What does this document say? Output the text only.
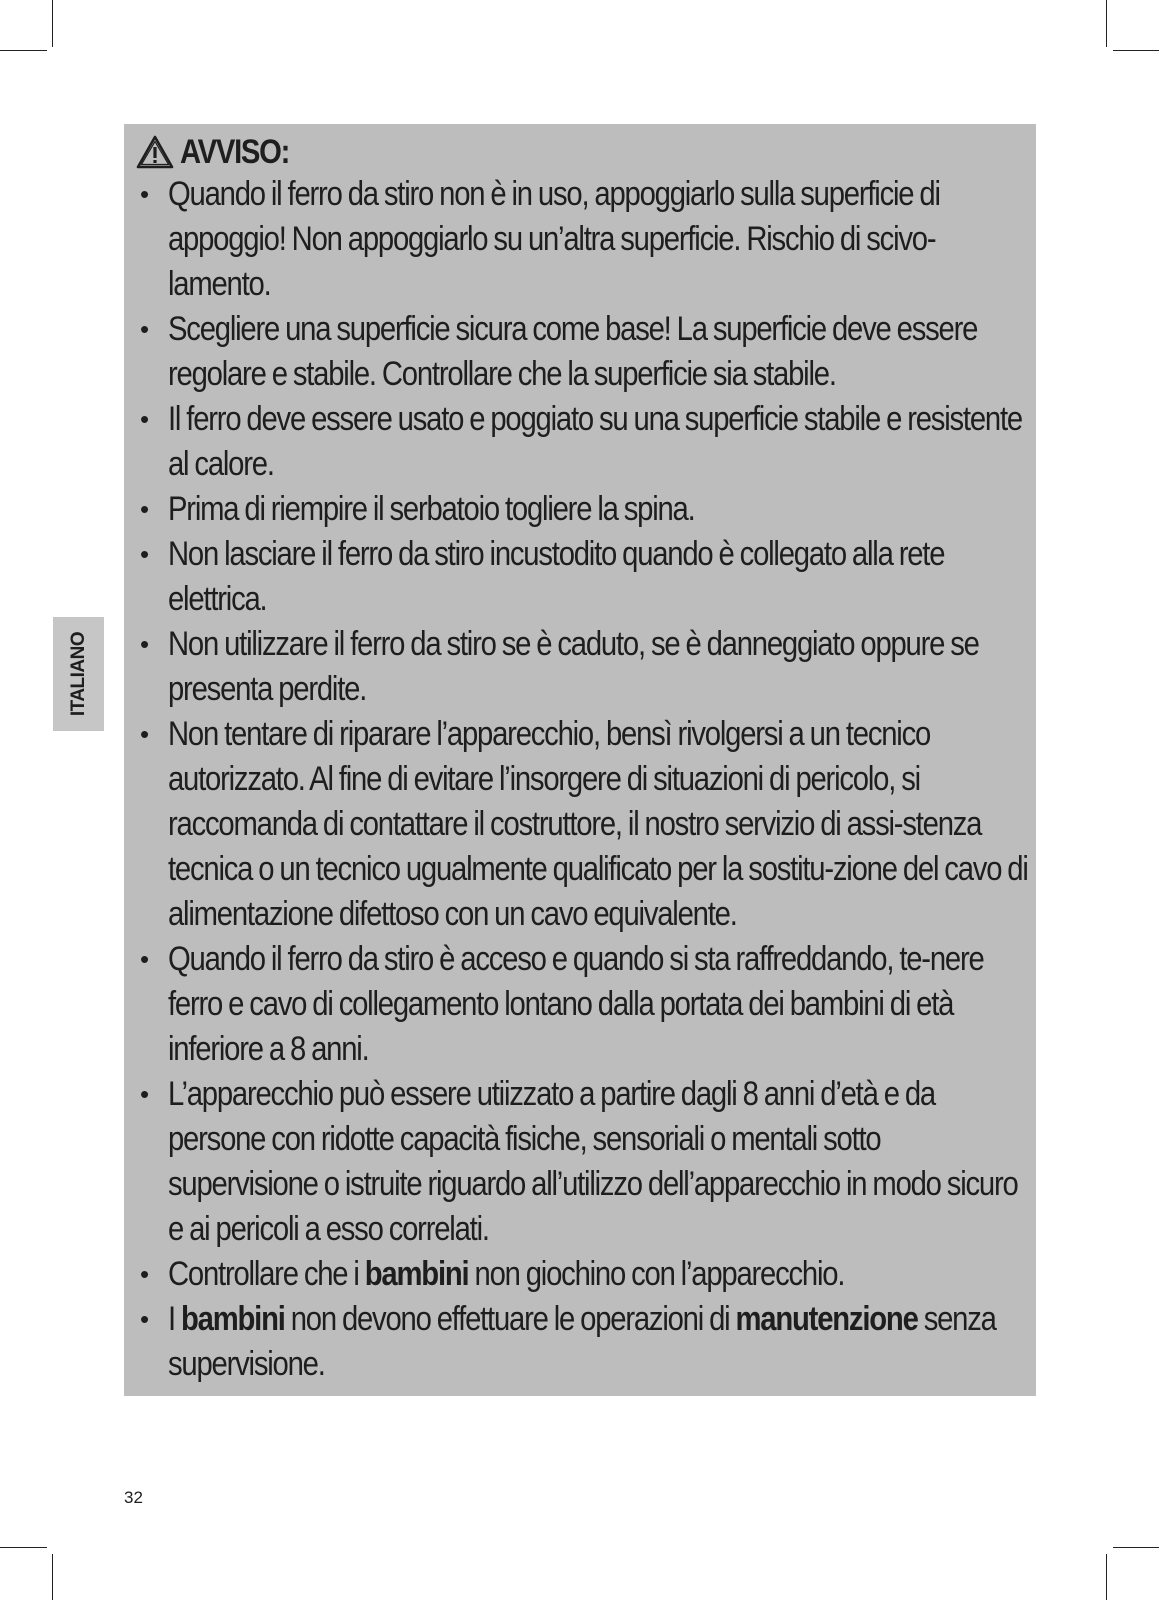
ITALIANO
AVVISO:
• Quando il ferro da stiro non è in uso, appoggiarlo sulla superficie di appoggio! Non appoggiarlo su un’altra superficie. Rischio di scivo-lamento.
• Scegliere una superficie sicura come base! La superficie deve essere regolare e stabile. Controllare che la superficie sia stabile.
• Il ferro deve essere usato e poggiato su una superficie stabile e resistente al calore.
• Prima di riempire il serbatoio togliere la spina.
• Non lasciare il ferro da stiro incustodito quando è collegato alla rete elettrica.
• Non utilizzare il ferro da stiro se è caduto, se è danneggiato oppure se presenta perdite.
• Non tentare di riparare l’apparecchio, bensì rivolgersi a un tecnico autorizzato. Al fine di evitare l’insorgere di situazioni di pericolo, si raccomanda di contattare il costruttore, il nostro servizio di assi-stenza tecnica o un tecnico ugualmente qualificato per la sostitu-zione del cavo di alimentazione difettoso con un cavo equivalente.
• Quando il ferro da stiro è acceso e quando si sta raffreddando, te-nere ferro e cavo di collegamento lontano dalla portata dei bambini di età inferiore a 8 anni.
• L’apparecchio può essere utiizzato a partire dagli 8 anni d’età e da persone con ridotte capacità fisiche, sensoriali o mentali sotto supervisione o istruite riguardo all’utilizzo dell’apparecchio in modo sicuro e ai pericoli a esso correlati.
• Controllare che i bambini non giochino con l’apparecchio.
• I bambini non devono effettuare le operazioni di manutenzione senza supervisione.
32
